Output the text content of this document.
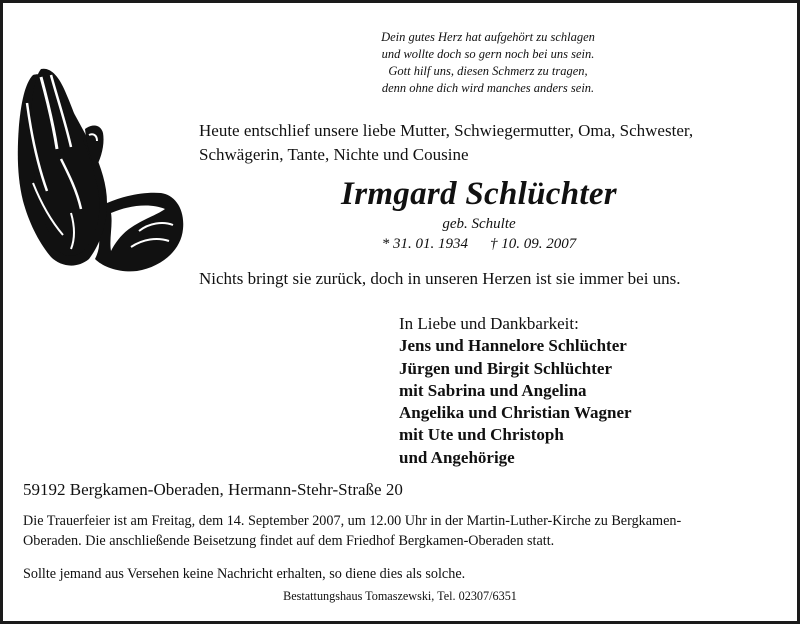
Dein gutes Herz hat aufgehört zu schlagen
und wollte doch so gern noch bei uns sein.
Gott hilf uns, diesen Schmerz zu tragen,
denn ohne dich wird manches anders sein.
Heute entschlief unsere liebe Mutter, Schwiegermutter, Oma, Schwester,
Schwägerin, Tante, Nichte und Cousine
Irmgard Schlüchter
geb. Schulte
* 31. 01. 1934 † 10. 09. 2007
Nichts bringt sie zurück, doch in unseren Herzen ist sie immer bei uns.
In Liebe und Dankbarkeit:
Jens und Hannelore Schlüchter
Jürgen und Birgit Schlüchter
mit Sabrina und Angelina
Angelika und Christian Wagner
mit Ute und Christoph
und Angehörige
59192 Bergkamen-Oberaden, Hermann-Stehr-Straße 20
Die Trauerfeier ist am Freitag, dem 14. September 2007, um 12.00 Uhr in der Martin-Luther-Kirche zu Bergkamen-
Oberaden. Die anschließende Beisetzung findet auf dem Friedhof Bergkamen-Oberaden statt.
Sollte jemand aus Versehen keine Nachricht erhalten, so diene dies als solche.
Bestattungshaus Tomaszewski, Tel. 02307/6351
